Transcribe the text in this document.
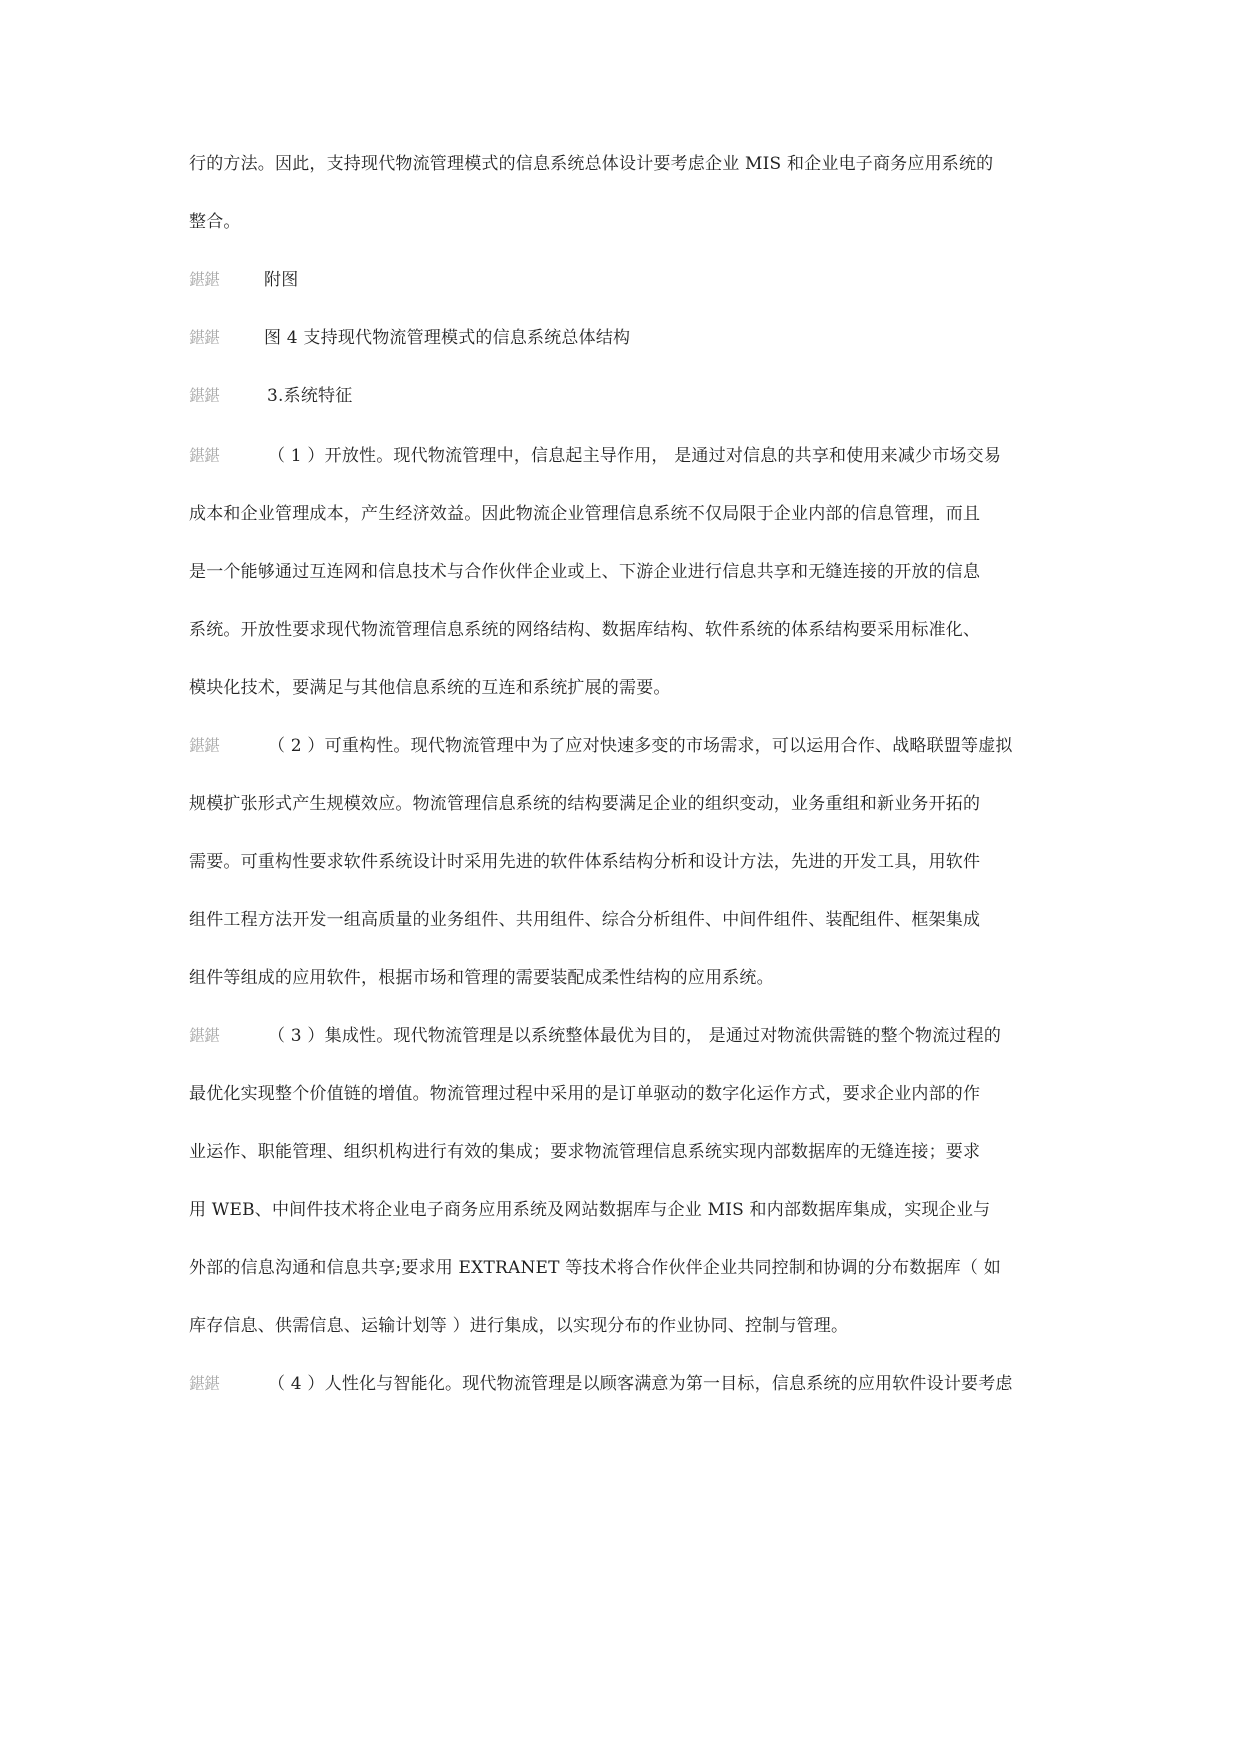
行的方法。因此，支持现代物流管理模式的信息系统总体设计要考虑企业 MIS 和企业电子商务应用系统的
整合。
鍖鍖	附图
鍖鍖	图 4 支持现代物流管理模式的信息系统总体结构
鍖鍖	3.系统特征
鍖鍖	（ 1 ）开放性。现代物流管理中，信息起主导作用， 是通过对信息的共享和使用来减少市场交易
成本和企业管理成本，产生经济效益。因此物流企业管理信息系统不仅局限于企业内部的信息管理，而且
是一个能够通过互连网和信息技术与合作伙伴企业或上、下游企业进行信息共享和无缝连接的开放的信息
系统。开放性要求现代物流管理信息系统的网络结构、数据库结构、软件系统的体系结构要采用标准化、
模块化技术，要满足与其他信息系统的互连和系统扩展的需要。
鍖鍖	（ 2 ）可重构性。现代物流管理中为了应对快速多变的市场需求，可以运用合作、战略联盟等虚拟
规模扩张形式产生规模效应。物流管理信息系统的结构要满足企业的组织变动，业务重组和新业务开拓的
需要。可重构性要求软件系统设计时采用先进的软件体系结构分析和设计方法，先进的开发工具，用软件
组件工程方法开发一组高质量的业务组件、共用组件、综合分析组件、中间件组件、装配组件、框架集成
组件等组成的应用软件，根据市场和管理的需要装配成柔性结构的应用系统。
鍖鍖	（ 3 ）集成性。现代物流管理是以系统整体最优为目的， 是通过对物流供需链的整个物流过程的
最优化实现整个价值链的增值。物流管理过程中采用的是订单驱动的数字化运作方式，要求企业内部的作
业运作、职能管理、组织机构进行有效的集成；要求物流管理信息系统实现内部数据库的无缝连接；要求
用 WEB、中间件技术将企业电子商务应用系统及网站数据库与企业 MIS 和内部数据库集成，实现企业与
外部的信息沟通和信息共享;要求用 EXTRANET 等技术将合作伙伴企业共同控制和协调的分布数据库（ 如
库存信息、供需信息、运输计划等 ）进行集成，以实现分布的作业协同、控制与管理。
鍖鍖	（ 4 ）人性化与智能化。现代物流管理是以顾客满意为第一目标，信息系统的应用软件设计要考虑
